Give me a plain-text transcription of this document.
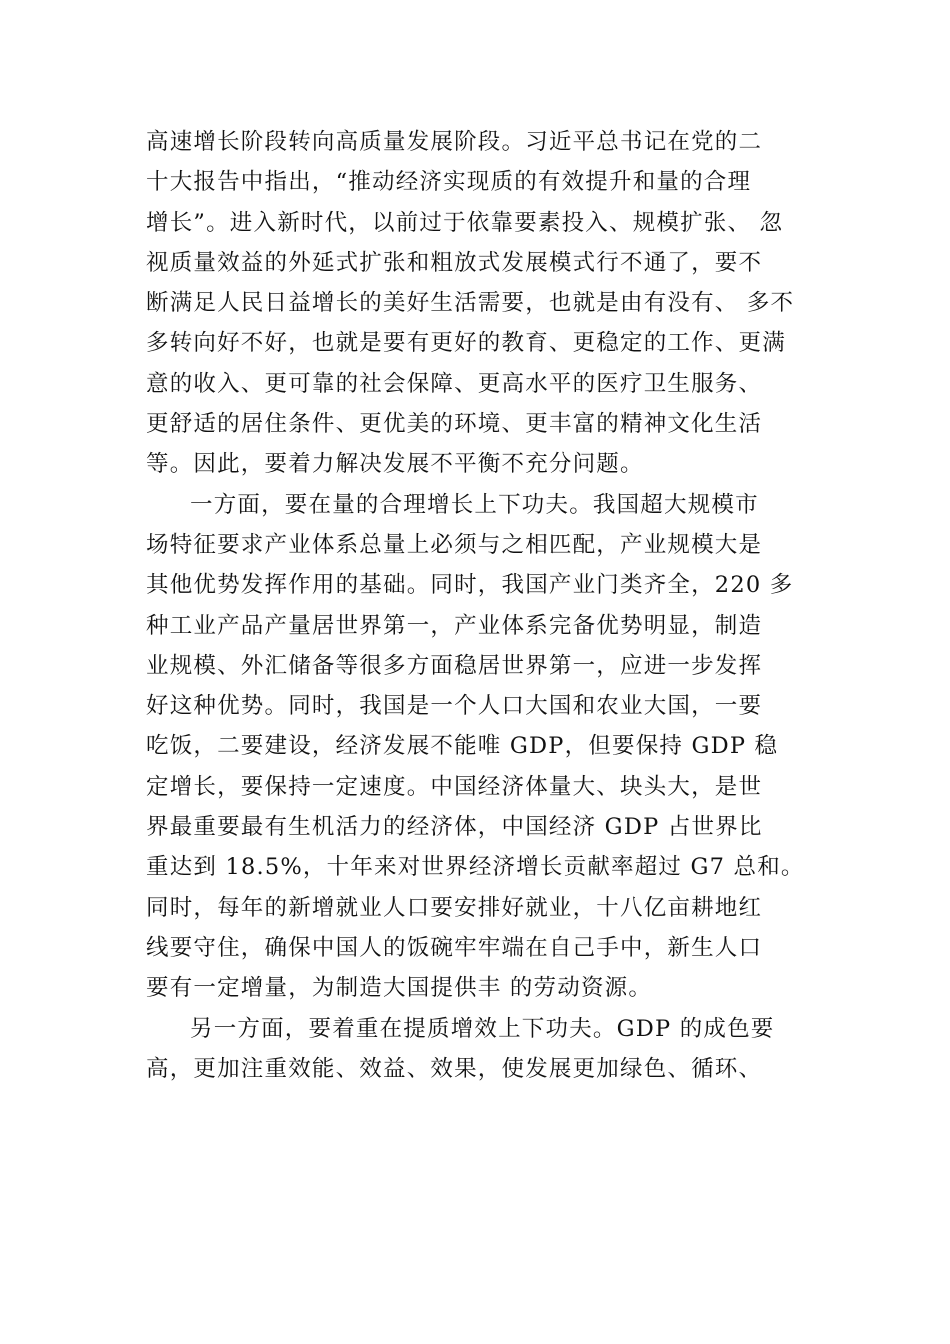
高速增长阶段转向高质量发展阶段。习近平总书记在党的二
十大报告中指出，“推动经济实现质的有效提升和量的合理
增长”。进入新时代，以前过于依靠要素投入、规模扩张、 忽
视质量效益的外延式扩张和粗放式发展模式行不通了，要不
断满足人民日益增长的美好生活需要，也就是由有没有、 多不
多转向好不好，也就是要有更好的教育、更稳定的工作、更满
意的收入、更可靠的社会保障、更高水平的医疗卫生服务、
更舒适的居住条件、更优美的环境、更丰富的精神文化生活
等。因此，要着力解决发展不平衡不充分问题。
一方面，要在量的合理增长上下功夫。我国超大规模市
场特征要求产业体系总量上必须与之相匹配，产业规模大是
其他优势发挥作用的基础。同时，我国产业门类齐全，220 多
种工业产品产量居世界第一，产业体系完备优势明显，制造
业规模、外汇储备等很多方面稳居世界第一，应进一步发挥
好这种优势。同时，我国是一个人口大国和农业大国，一要
吃饭，二要建设，经济发展不能唯 GDP，但要保持 GDP 稳
定增长，要保持一定速度。中国经济体量大、块头大，是世
界最重要最有生机活力的经济体，中国经济 GDP 占世界比
重达到 18.5%，十年来对世界经济增长贡献率超过 G7 总和。
同时，每年的新增就业人口要安排好就业，十八亿亩耕地红
线要守住，确保中国人的饭碗牢牢端在自己手中，新生人口
要有一定增量，为制造大国提供丰 的劳动资源。
另一方面，要着重在提质增效上下功夫。GDP 的成色要
高，更加注重效能、效益、效果，使发展更加绿色、循环、
